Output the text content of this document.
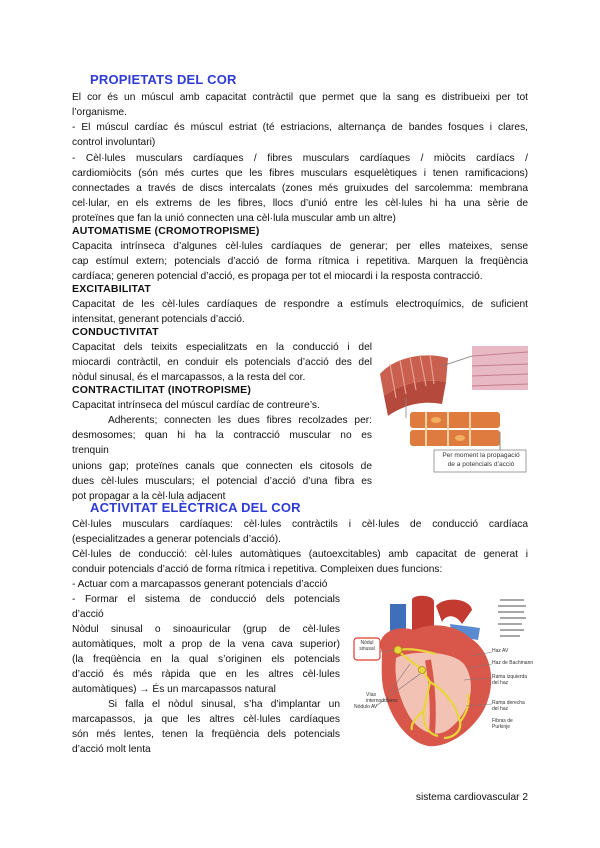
PROPIETATS DEL COR
El cor és un múscul amb capacitat contràctil que permet que la sang es distribueixi per tot
l’organisme.
- El múscul cardíac és múscul estriat (té estriacions, alternança de bandes fosques i clares,
control involuntari)
- Cèl·lules musculars cardíaques / fibres musculars cardíaques / miòcits cardíacs /
cardiomiòcits (són més curtes que les fibres musculars esquelètiques i tenen ramificacions)
connectades a través de discs intercalats (zones més gruixudes del sarcolemma: membrana
cel·lular, en els extrems de les fibres, llocs d’unió entre les cèl·lules hi ha una sèrie de
proteïnes que fan la unió connecten una cèl·lula muscular amb un altre)
AUTOMATISME (CROMOTROPISME)
Capacita intrínseca d’algunes cèl·lules cardíaques de generar; per elles mateixes, sense
cap estímul extern; potencials d’acció de forma rítmica i repetitiva. Marquen la freqüència
cardíaca; generen potencial d’acció, es propaga per tot el miocardi i la resposta contracció.
EXCITABILITAT
Capacitat de les cèl·lules cardíaques de respondre a estímuls electroquímics, de suficient
intensitat, generant potencials d’acció.
CONDUCTIVITAT
Capacitat dels teixits especialitzats en la conducció i del
miocardi contràctil, en conduir els potencials d’acció des del
nòdul sinusal, és el marcapassos, a la resta del cor.
CONTRACTILITAT (INOTROPISME)
Capacitat intrínseca del múscul cardíac de contreure’s.
Adherents; connecten les dues fibres recolzades per:
desmosomes; quan hi ha la contracció muscular no es
trenquin
unions gap; proteïnes canals que connecten els citosols de
dues cèl·lules musculars; el potencial d’acció d’una fibra es
pot propagar a la cèl·lula adjacent
Per moment la propagació
de a potencials d’acció
ACTIVITAT ELÈCTRICA DEL COR
Cèl·lules musculars cardíaques: cèl·lules contràctils i cèl·lules de conducció cardíaca
(especialitzades a generar potencials d’acció).
Cèl·lules de conducció: cèl·lules automàtiques (autoexcitables) amb capacitat de generat i
conduir potencials d’acció de forma rítmica i repetitiva. Compleixen dues funcions:
- Actuar com a marcapassos generant potencials d’acció
- Formar el sistema de conducció dels potencials
d’acció
Nòdul sinusal o sinoauricular (grup de cèl·lules
automàtiques, molt a prop de la vena cava superior)
(la freqüència en la qual s’originen els potencials
d’acció és més ràpida que en les altres cèl·lules
automàtiques) → És un marcapassos natural
Si falla el nòdul sinusal, s’ha d’implantar un
marcapassos, ja que les altres cèl·lules cardíaques
són més lentes, tenen la freqüència dels potencials
d’acció molt lenta
Nòdul sinusal
Vías internodulares
Nódulo AV
Haz AV
Haz de Bachmann
Rama izquierda del haz
Rama derecha del haz
Fibras de Purkinje
sistema cardiovascular 2
